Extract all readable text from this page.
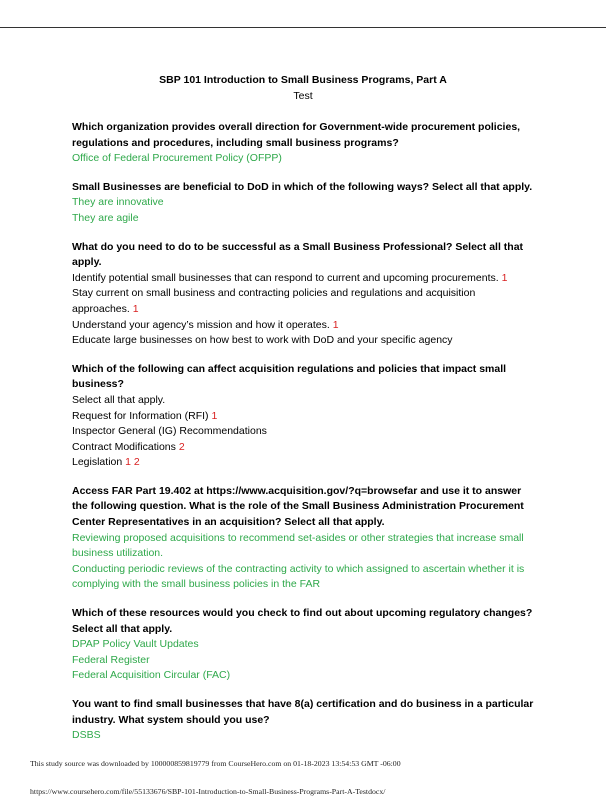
SBP 101 Introduction to Small Business Programs, Part A
Test
Which organization provides overall direction for Government-wide procurement policies, regulations and procedures, including small business programs?
Office of Federal Procurement Policy (OFPP)
Small Businesses are beneficial to DoD in which of the following ways? Select all that apply.
They are innovative
They are agile
What do you need to do to be successful as a Small Business Professional? Select all that apply.
Identify potential small businesses that can respond to current and upcoming procurements. 1
Stay current on small business and contracting policies and regulations and acquisition approaches. 1
Understand your agency’s mission and how it operates. 1
Educate large businesses on how best to work with DoD and your specific agency
Which of the following can affect acquisition regulations and policies that impact small business?
Select all that apply.
Request for Information (RFI) 1
Inspector General (IG) Recommendations
Contract Modifications 2
Legislation 1 2
Access FAR Part 19.402 at https://www.acquisition.gov/?q=browsefar and use it to answer the following question. What is the role of the Small Business Administration Procurement Center Representatives in an acquisition? Select all that apply.
Reviewing proposed acquisitions to recommend set-asides or other strategies that increase small business utilization.
Conducting periodic reviews of the contracting activity to which assigned to ascertain whether it is complying with the small business policies in the FAR
Which of these resources would you check to find out about upcoming regulatory changes? Select all that apply.
DPAP Policy Vault Updates
Federal Register
Federal Acquisition Circular (FAC)
You want to find small businesses that have 8(a) certification and do business in a particular industry. What system should you use?
DSBS
This study source was downloaded by 100000859819779 from CourseHero.com on 01-18-2023 13:54:53 GMT -06:00
https://www.coursehero.com/file/55133676/SBP-101-Introduction-to-Small-Business-Programs-Part-A-Testdocx/
